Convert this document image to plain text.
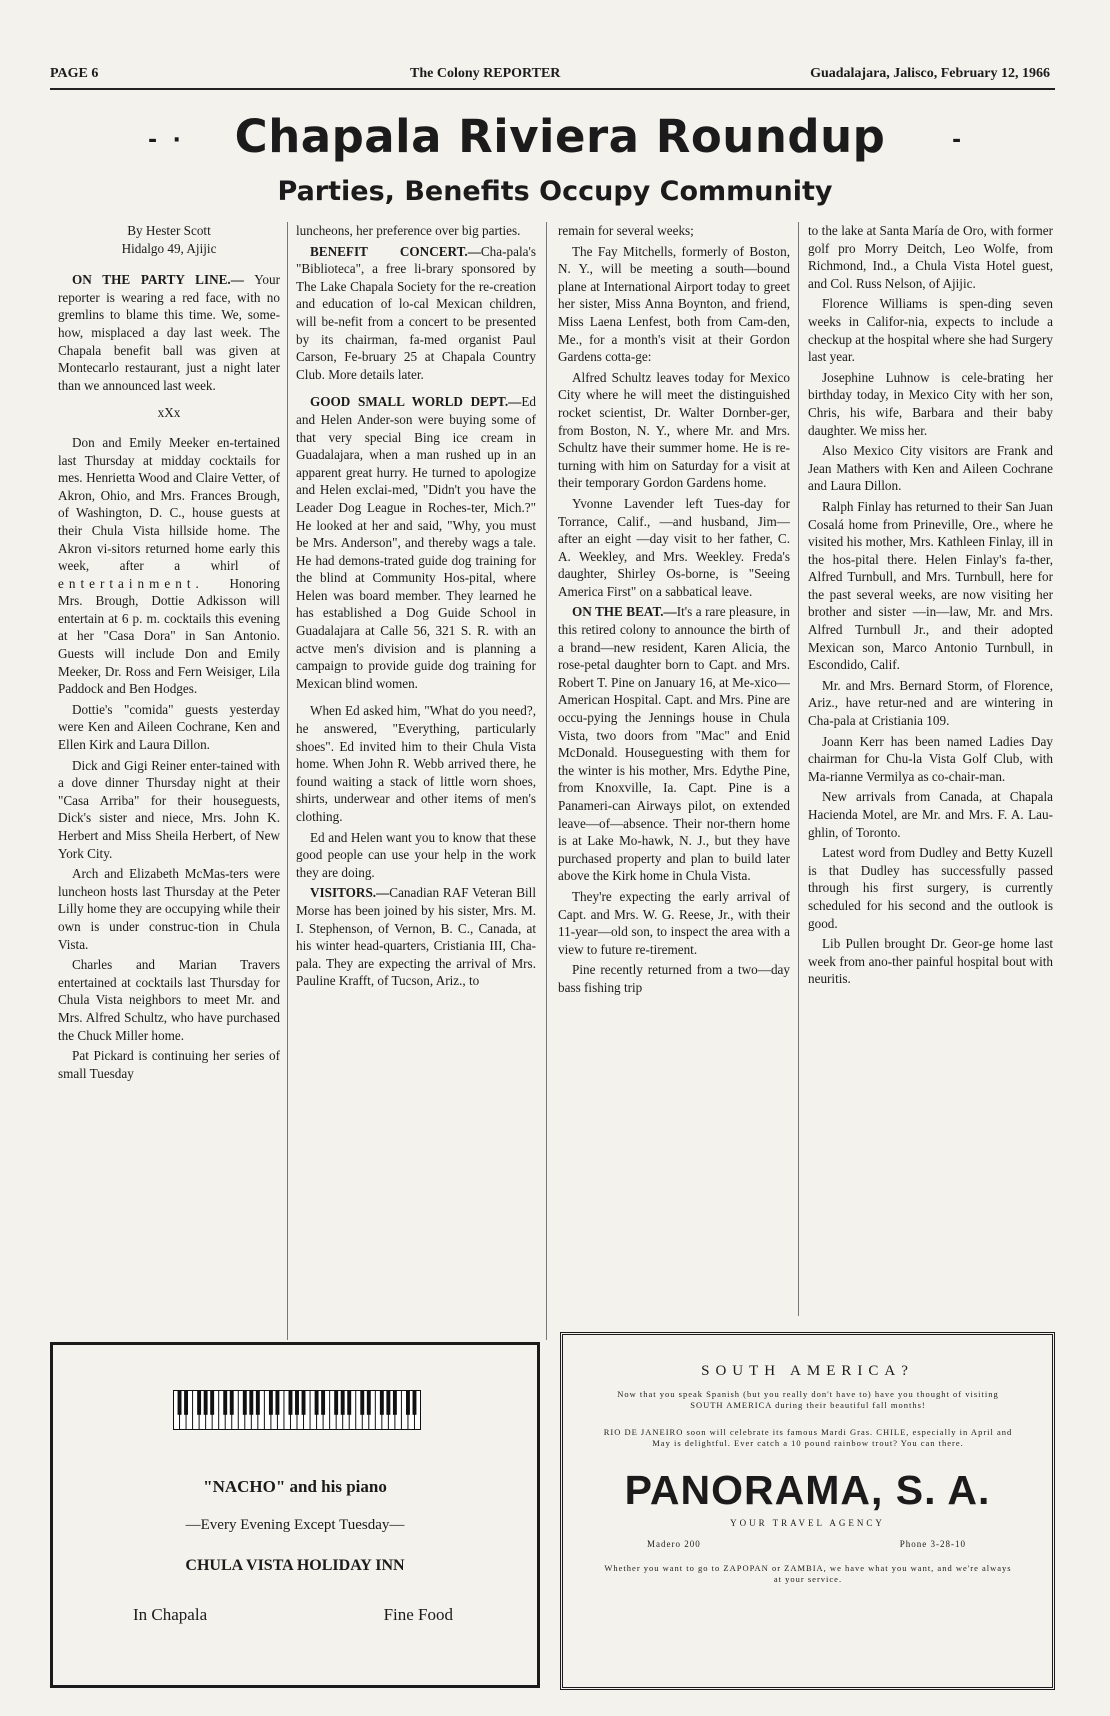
PAGE 6	The Colony REPORTER	Guadalajara, Jalisco, February 12, 1966
-  ·	-
Chapala Riviera Roundup
Parties, Benefits Occupy Community

By Hester Scott

Hidalgo 49, Ajijic

ON THE PARTY LINE.— Your reporter is wearing a red face, with no gremlins to blame this time. We, some-how, misplaced a day last week. The Chapala benefit ball was given at Montecarlo restaurant, just a night later than we announced last week.

xXx

Don and Emily Meeker en-tertained last Thursday at midday cocktails for mes. Henrietta Wood and Claire Vetter, of Akron, Ohio, and Mrs. Frances Brough, of Washington, D. C., house guests at their Chula Vista hillside home. The Akron vi-sitors returned home early this week, after a whirl of entertainment. Honoring Mrs. Brough, Dottie Adkisson will entertain at 6 p. m. cocktails this evening at her "Casa Dora" in San Antonio. Guests will include Don and Emily Meeker, Dr. Ross and Fern Weisiger, Lila Paddock and Ben Hodges.

Dottie's "comida" guests yesterday were Ken and Aileen Cochrane, Ken and Ellen Kirk and Laura Dillon.

Dick and Gigi Reiner enter-tained with a dove dinner Thursday night at their "Casa Arriba" for their houseguests, Dick's sister and niece, Mrs. John K. Herbert and Miss Sheila Herbert, of New York City.

Arch and Elizabeth McMas-ters were luncheon hosts last Thursday at the Peter Lilly home they are occupying while their own is under construc-tion in Chula Vista.

Charles and Marian Travers entertained at cocktails last Thursday for Chula Vista neighbors to meet Mr. and Mrs. Alfred Schultz, who have purchased the Chuck Miller home.

Pat Pickard is continuing her series of small Tuesday

luncheons, her preference over big parties.

BENEFIT CONCERT.—Cha-pala's "Biblioteca", a free li-brary sponsored by The Lake Chapala Society for the re-creation and education of lo-cal Mexican children, will be-nefit from a concert to be presented by its chairman, fa-med organist Paul Carson, Fe-bruary 25 at Chapala Country Club. More details later.

GOOD SMALL WORLD DEPT.—Ed and Helen Ander-son were buying some of that very special Bing ice cream in Guadalajara, when a man rushed up in an apparent great hurry. He turned to apologize and Helen exclai-med, "Didn't you have the Leader Dog League in Roches-ter, Mich.?" He looked at her and said, "Why, you must be Mrs. Anderson", and thereby wags a tale. He had demons-trated guide dog training for the blind at Community Hos-pital, where Helen was board member. They learned he has established a Dog Guide School in Guadalajara at Calle 56, 321 S. R. with an actve men's division and is planning a campaign to provide guide dog training for Mexican blind women.

When Ed asked him, "What do you need?, he answered, "Everything, particularly shoes". Ed invited him to their Chula Vista home. When John R. Webb arrived there, he found waiting a stack of little worn shoes, shirts, underwear and other items of men's clothing.

Ed and Helen want you to know that these good people can use your help in the work they are doing.

VISITORS.—Canadian RAF Veteran Bill Morse has been joined by his sister, Mrs. M. I. Stephenson, of Vernon, B. C., Canada, at his winter head-quarters, Cristiania III, Cha-pala. They are expecting the arrival of Mrs. Pauline Krafft, of Tucson, Ariz., to

remain for several weeks;

The Fay Mitchells, formerly of Boston, N. Y., will be meeting a south—bound plane at International Airport today to greet her sister, Miss Anna Boynton, and friend, Miss Laena Lenfest, both from Cam-den, Me., for a month's visit at their Gordon Gardens cotta-ge:

Alfred Schultz leaves today for Mexico City where he will meet the distinguished rocket scientist, Dr. Walter Dornber-ger, from Boston, N. Y., where Mr. and Mrs. Schultz have their summer home. He is re-turning with him on Saturday for a visit at their temporary Gordon Gardens home.

Yvonne Lavender left Tues-day for Torrance, Calif., —and husband, Jim— after an eight —day visit to her father, C. A. Weekley, and Mrs. Weekley. Freda's daughter, Shirley Os-borne, is "Seeing America First" on a sabbatical leave.

ON THE BEAT.—It's a rare pleasure, in this retired colony to announce the birth of a brand—new resident, Karen Alicia, the rose-petal daughter born to Capt. and Mrs. Robert T. Pine on January 16, at Me-xico—American Hospital. Capt. and Mrs. Pine are occu-pying the Jennings house in Chula Vista, two doors from "Mac" and Enid McDonald. Houseguesting with them for the winter is his mother, Mrs. Edythe Pine, from Knoxville, Ia. Capt. Pine is a Panameri-can Airways pilot, on extended leave—of—absence. Their nor-thern home is at Lake Mo-hawk, N. J., but they have purchased property and plan to build later above the Kirk home in Chula Vista.

They're expecting the early arrival of Capt. and Mrs. W. G. Reese, Jr., with their 11-year—old son, to inspect the area with a view to future re-tirement.

Pine recently returned from a two—day bass fishing trip

to the lake at Santa María de Oro, with former golf pro Morry Deitch, Leo Wolfe, from Richmond, Ind., a Chula Vista Hotel guest, and Col. Russ Nelson, of Ajijic.

Florence Williams is spen-ding seven weeks in Califor-nia, expects to include a checkup at the hospital where she had Surgery last year.

Josephine Luhnow is cele-brating her birthday today, in Mexico City with her son, Chris, his wife, Barbara and their baby daughter. We miss her.

Also Mexico City visitors are Frank and Jean Mathers with Ken and Aileen Cochrane and Laura Dillon.

Ralph Finlay has returned to their San Juan Cosalá home from Prineville, Ore., where he visited his mother, Mrs. Kathleen Finlay, ill in the hos-pital there. Helen Finlay's fa-ther, Alfred Turnbull, and Mrs. Turnbull, here for the past several weeks, are now visiting her brother and sister —in—law, Mr. and Mrs. Alfred Turnbull Jr., and their adopted Mexican son, Marco Antonio Turnbull, in Escondido, Calif.

Mr. and Mrs. Bernard Storm, of Florence, Ariz., have retur-ned and are wintering in Cha-pala at Cristiania 109.

Joann Kerr has been named Ladies Day chairman for Chu-la Vista Golf Club, with Ma-rianne Vermilya as co-chair-man.

New arrivals from Canada, at Chapala Hacienda Motel, are Mr. and Mrs. F. A. Lau-ghlin, of Toronto.

Latest word from Dudley and Betty Kuzell is that Dudley has successfully passed through his first surgery, is currently scheduled for his second and the outlook is good.

Lib Pullen brought Dr. Geor-ge home last week from ano-ther painful hospital bout with neuritis.

"NACHO" and his piano
—Every Evening Except Tuesday—
CHULA VISTA HOLIDAY INN
In Chapala	Fine Food
SOUTH AMERICA?
Now that you speak Spanish (but you really don't have to) have you thought of visiting SOUTH AMERICA during their beautiful fall months!
RIO DE JANEIRO soon will celebrate its famous Mardi Gras. CHILE, especially in April and May is delightful. Ever catch a 10 pound rainbow trout? You can there.
PANORAMA, S. A.
YOUR TRAVEL AGENCY
Madero 200	Phone 3-28-10
Whether you want to go to ZAPOPAN or ZAMBIA, we have what you want, and we're always at your service.
